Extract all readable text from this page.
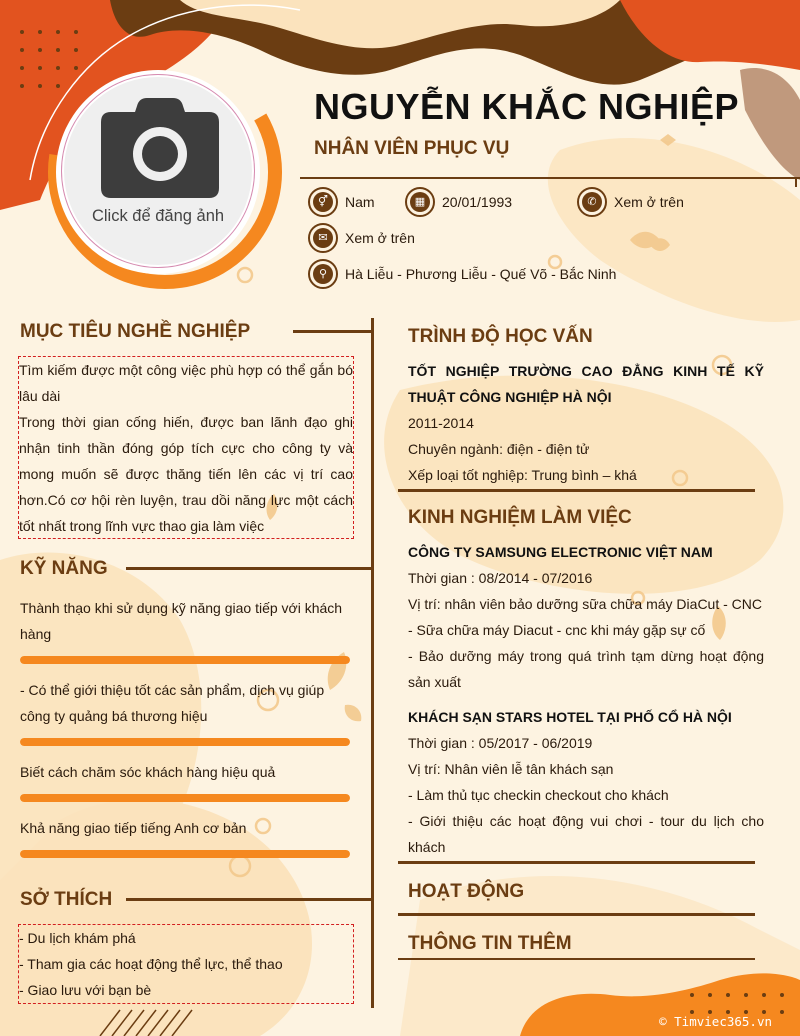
Click để đăng ảnh
NGUYỄN KHẮC NGHIỆP
NHÂN VIÊN PHỤC VỤ
⚥	Nam	▦	20/01/1993	✆	Xem ở trên
✉	Xem ở trên
⚲	Hà Liễu - Phương Liễu - Quế Võ - Bắc Ninh
MỤC TIÊU NGHỀ NGHIỆP

Tìm kiếm được một công việc phù hợp có thể gắn bó lâu dài

Trong thời gian cống hiến, được ban lãnh đạo ghi nhận tinh thần đóng góp tích cực cho công ty và mong muốn sẽ được thăng tiến lên các vị trí cao hơn.Có cơ hội rèn luyện, trau dồi năng lực một cách tốt nhất trong lĩnh vực thao gia làm việc

KỸ NĂNG
Thành thạo khi sử dụng kỹ năng giao tiếp với khách hàng
- Có thể giới thiệu tốt các sản phẩm, dịch vụ giúp công ty quảng bá thương hiệu
Biết cách chăm sóc khách hàng hiệu quả
Khả năng giao tiếp tiếng Anh cơ bản
SỞ THÍCH

- Du lịch khám phá

- Tham gia các hoạt động thể lực, thể thao

- Giao lưu với bạn bè

TRÌNH ĐỘ HỌC VẤN

TỐT NGHIỆP TRƯỜNG CAO ĐẲNG KINH TẾ KỸ THUẬT CÔNG NGHIỆP HÀ NỘI

2011-2014

Chuyên ngành: điện - điện tử

Xếp loại tốt nghiệp: Trung bình – khá

KINH NGHIỆM LÀM VIỆC

CÔNG TY SAMSUNG ELECTRONIC VIỆT NAM

Thời gian : 08/2014 - 07/2016

Vị trí: nhân viên bảo dưỡng sữa chữa máy DiaCut - CNC

- Sữa chữa máy Diacut - cnc khi máy gặp sự cố

- Bảo dưỡng máy trong quá trình tạm dừng hoạt động sản xuất

KHÁCH SẠN STARS HOTEL TẠI PHỐ CỔ HÀ NỘI

Thời gian : 05/2017 - 06/2019

Vị trí: Nhân viên lễ tân khách sạn

- Làm thủ tục checkin checkout cho khách

- Giới thiệu các hoạt động vui chơi - tour du lịch cho khách

HOẠT ĐỘNG
THÔNG TIN THÊM
© Timviec365.vn
